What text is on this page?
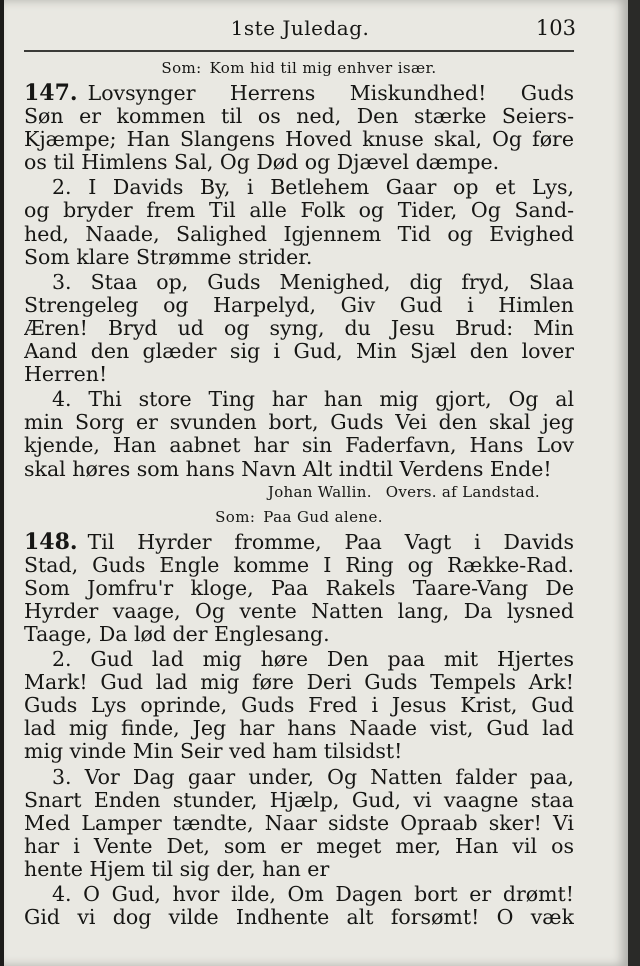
1ste Juledag.	103
Som: Kom hid til mig enhver især.
147. Lovsynger Herrens Miskundhed! Guds
Søn er kommen til os ned, Den stærke Seiers-
Kjæmpe; Han Slangens Hoved knuse skal, Og føre
os til Himlens Sal, Og Død og Djævel dæmpe.
2. I Davids By, i Betlehem Gaar op et Lys,
og bryder frem Til alle Folk og Tider, Og Sand-
hed, Naade, Salighed Igjennem Tid og Evighed
Som klare Strømme strider.
3. Staa op, Guds Menighed, dig fryd, Slaa
Strengeleg og Harpelyd, Giv Gud i Himlen
Æren! Bryd ud og syng, du Jesu Brud: Min
Aand den glæder sig i Gud, Min Sjæl den lover
Herren!
4. Thi store Ting har han mig gjort, Og al
min Sorg er svunden bort, Guds Vei den skal jeg
kjende, Han aabnet har sin Faderfavn, Hans Lov
skal høres som hans Navn Alt indtil Verdens Ende!
Johan Wallin. Overs. af Landstad.
Som: Paa Gud alene.
148. Til Hyrder fromme, Paa Vagt i Davids
Stad, Guds Engle komme I Ring og Række-Rad.
Som Jomfru'r kloge, Paa Rakels Taare-Vang De
Hyrder vaage, Og vente Natten lang, Da lysned
Taage, Da lød der Englesang.
2. Gud lad mig høre Den paa mit Hjertes
Mark! Gud lad mig føre Deri Guds Tempels Ark!
Guds Lys oprinde, Guds Fred i Jesus Krist, Gud
lad mig finde, Jeg har hans Naade vist, Gud lad
mig vinde Min Seir ved ham tilsidst!
3. Vor Dag gaar under, Og Natten falder paa,
Snart Enden stunder, Hjælp, Gud, vi vaagne staa
Med Lamper tændte, Naar sidste Opraab sker! Vi
har i Vente Det, som er meget mer, Han vil os
hente Hjem til sig der, han er
4. O Gud, hvor ilde, Om Dagen bort er drømt!
Gid vi dog vilde Indhente alt forsømt! O væk
